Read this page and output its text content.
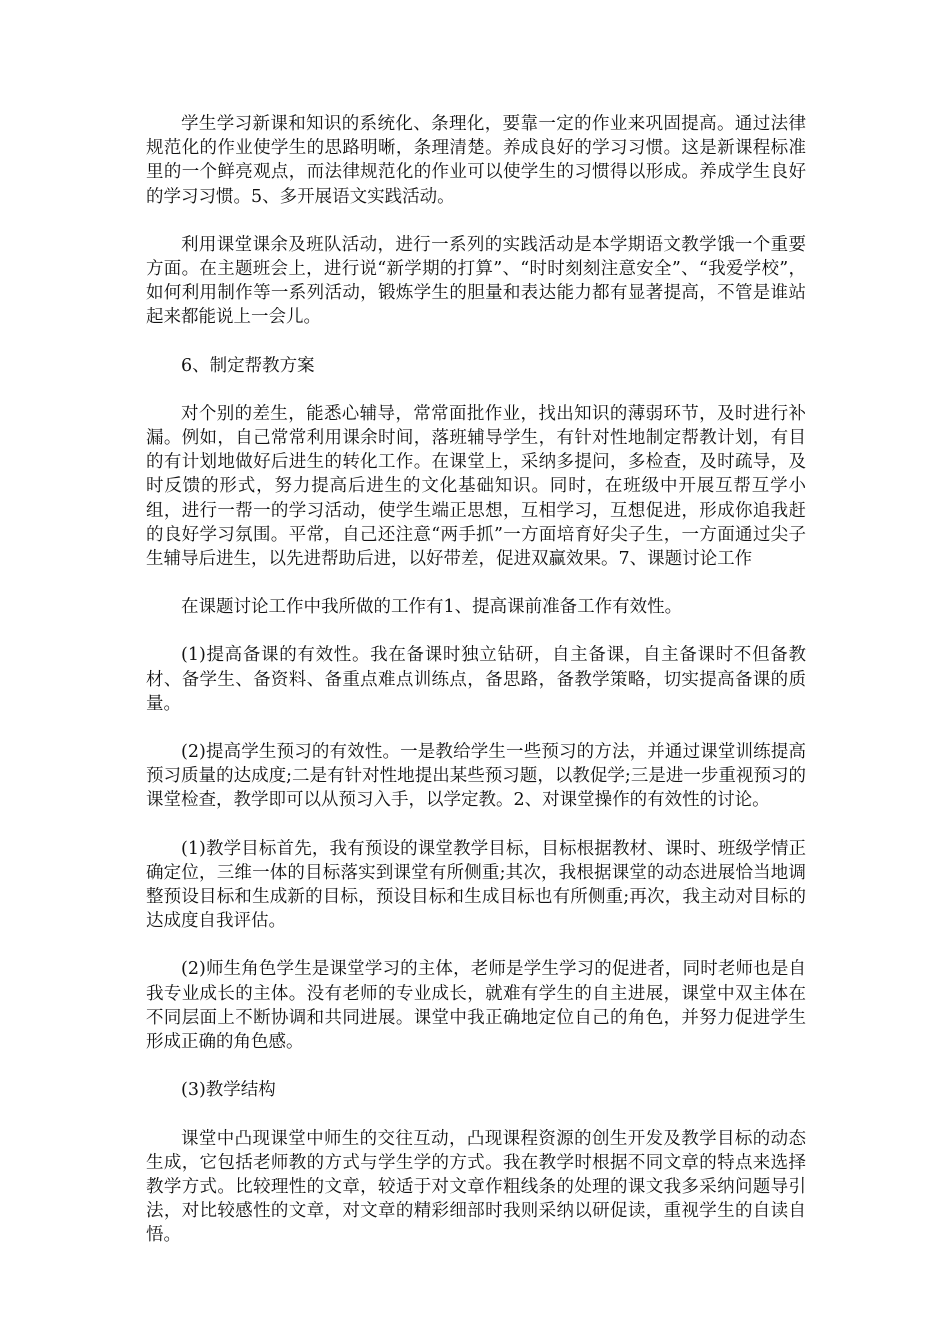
学生学习新课和知识的系统化、条理化，要靠一定的作业来巩固提高。通过法律规范化的作业使学生的思路明晰，条理清楚。养成良好的学习习惯。这是新课程标准里的一个鲜亮观点，而法律规范化的作业可以使学生的习惯得以形成。养成学生良好的学习习惯。5、多开展语文实践活动。

利用课堂课余及班队活动，进行一系列的实践活动是本学期语文教学饿一个重要方面。在主题班会上，进行说“新学期的打算”、“时时刻刻注意安全”、“我爱学校”，如何利用制作等一系列活动，锻炼学生的胆量和表达能力都有显著提高，不管是谁站起来都能说上一会儿。

6、制定帮教方案

对个别的差生，能悉心辅导，常常面批作业，找出知识的薄弱环节，及时进行补漏。例如，自己常常利用课余时间，落班辅导学生，有针对性地制定帮教计划，有目的有计划地做好后进生的转化工作。在课堂上，采纳多提问，多检查，及时疏导，及时反馈的形式，努力提高后进生的文化基础知识。同时，在班级中开展互帮互学小组，进行一帮一的学习活动，使学生端正思想，互相学习，互想促进，形成你追我赶的良好学习氛围。平常，自己还注意“两手抓”一方面培育好尖子生，一方面通过尖子生辅导后进生，以先进帮助后进，以好带差，促进双赢效果。7、课题讨论工作

在课题讨论工作中我所做的工作有1、提高课前准备工作有效性。

(1)提高备课的有效性。我在备课时独立钻研，自主备课，自主备课时不但备教材、备学生、备资料、备重点难点训练点，备思路，备教学策略，切实提高备课的质量。

(2)提高学生预习的有效性。一是教给学生一些预习的方法，并通过课堂训练提高预习质量的达成度;二是有针对性地提出某些预习题，以教促学;三是进一步重视预习的课堂检查，教学即可以从预习入手，以学定教。2、对课堂操作的有效性的讨论。

(1)教学目标首先，我有预设的课堂教学目标，目标根据教材、课时、班级学情正确定位，三维一体的目标落实到课堂有所侧重;其次，我根据课堂的动态进展恰当地调整预设目标和生成新的目标，预设目标和生成目标也有所侧重;再次，我主动对目标的达成度自我评估。

(2)师生角色学生是课堂学习的主体，老师是学生学习的促进者，同时老师也是自我专业成长的主体。没有老师的专业成长，就难有学生的自主进展，课堂中双主体在不同层面上不断协调和共同进展。课堂中我正确地定位自己的角色，并努力促进学生形成正确的角色感。

(3)教学结构

课堂中凸现课堂中师生的交往互动，凸现课程资源的创生开发及教学目标的动态生成，它包括老师教的方式与学生学的方式。我在教学时根据不同文章的特点来选择教学方式。比较理性的文章，较适于对文章作粗线条的处理的课文我多采纳问题导引法，对比较感性的文章，对文章的精彩细部时我则采纳以研促读，重视学生的自读自悟。
